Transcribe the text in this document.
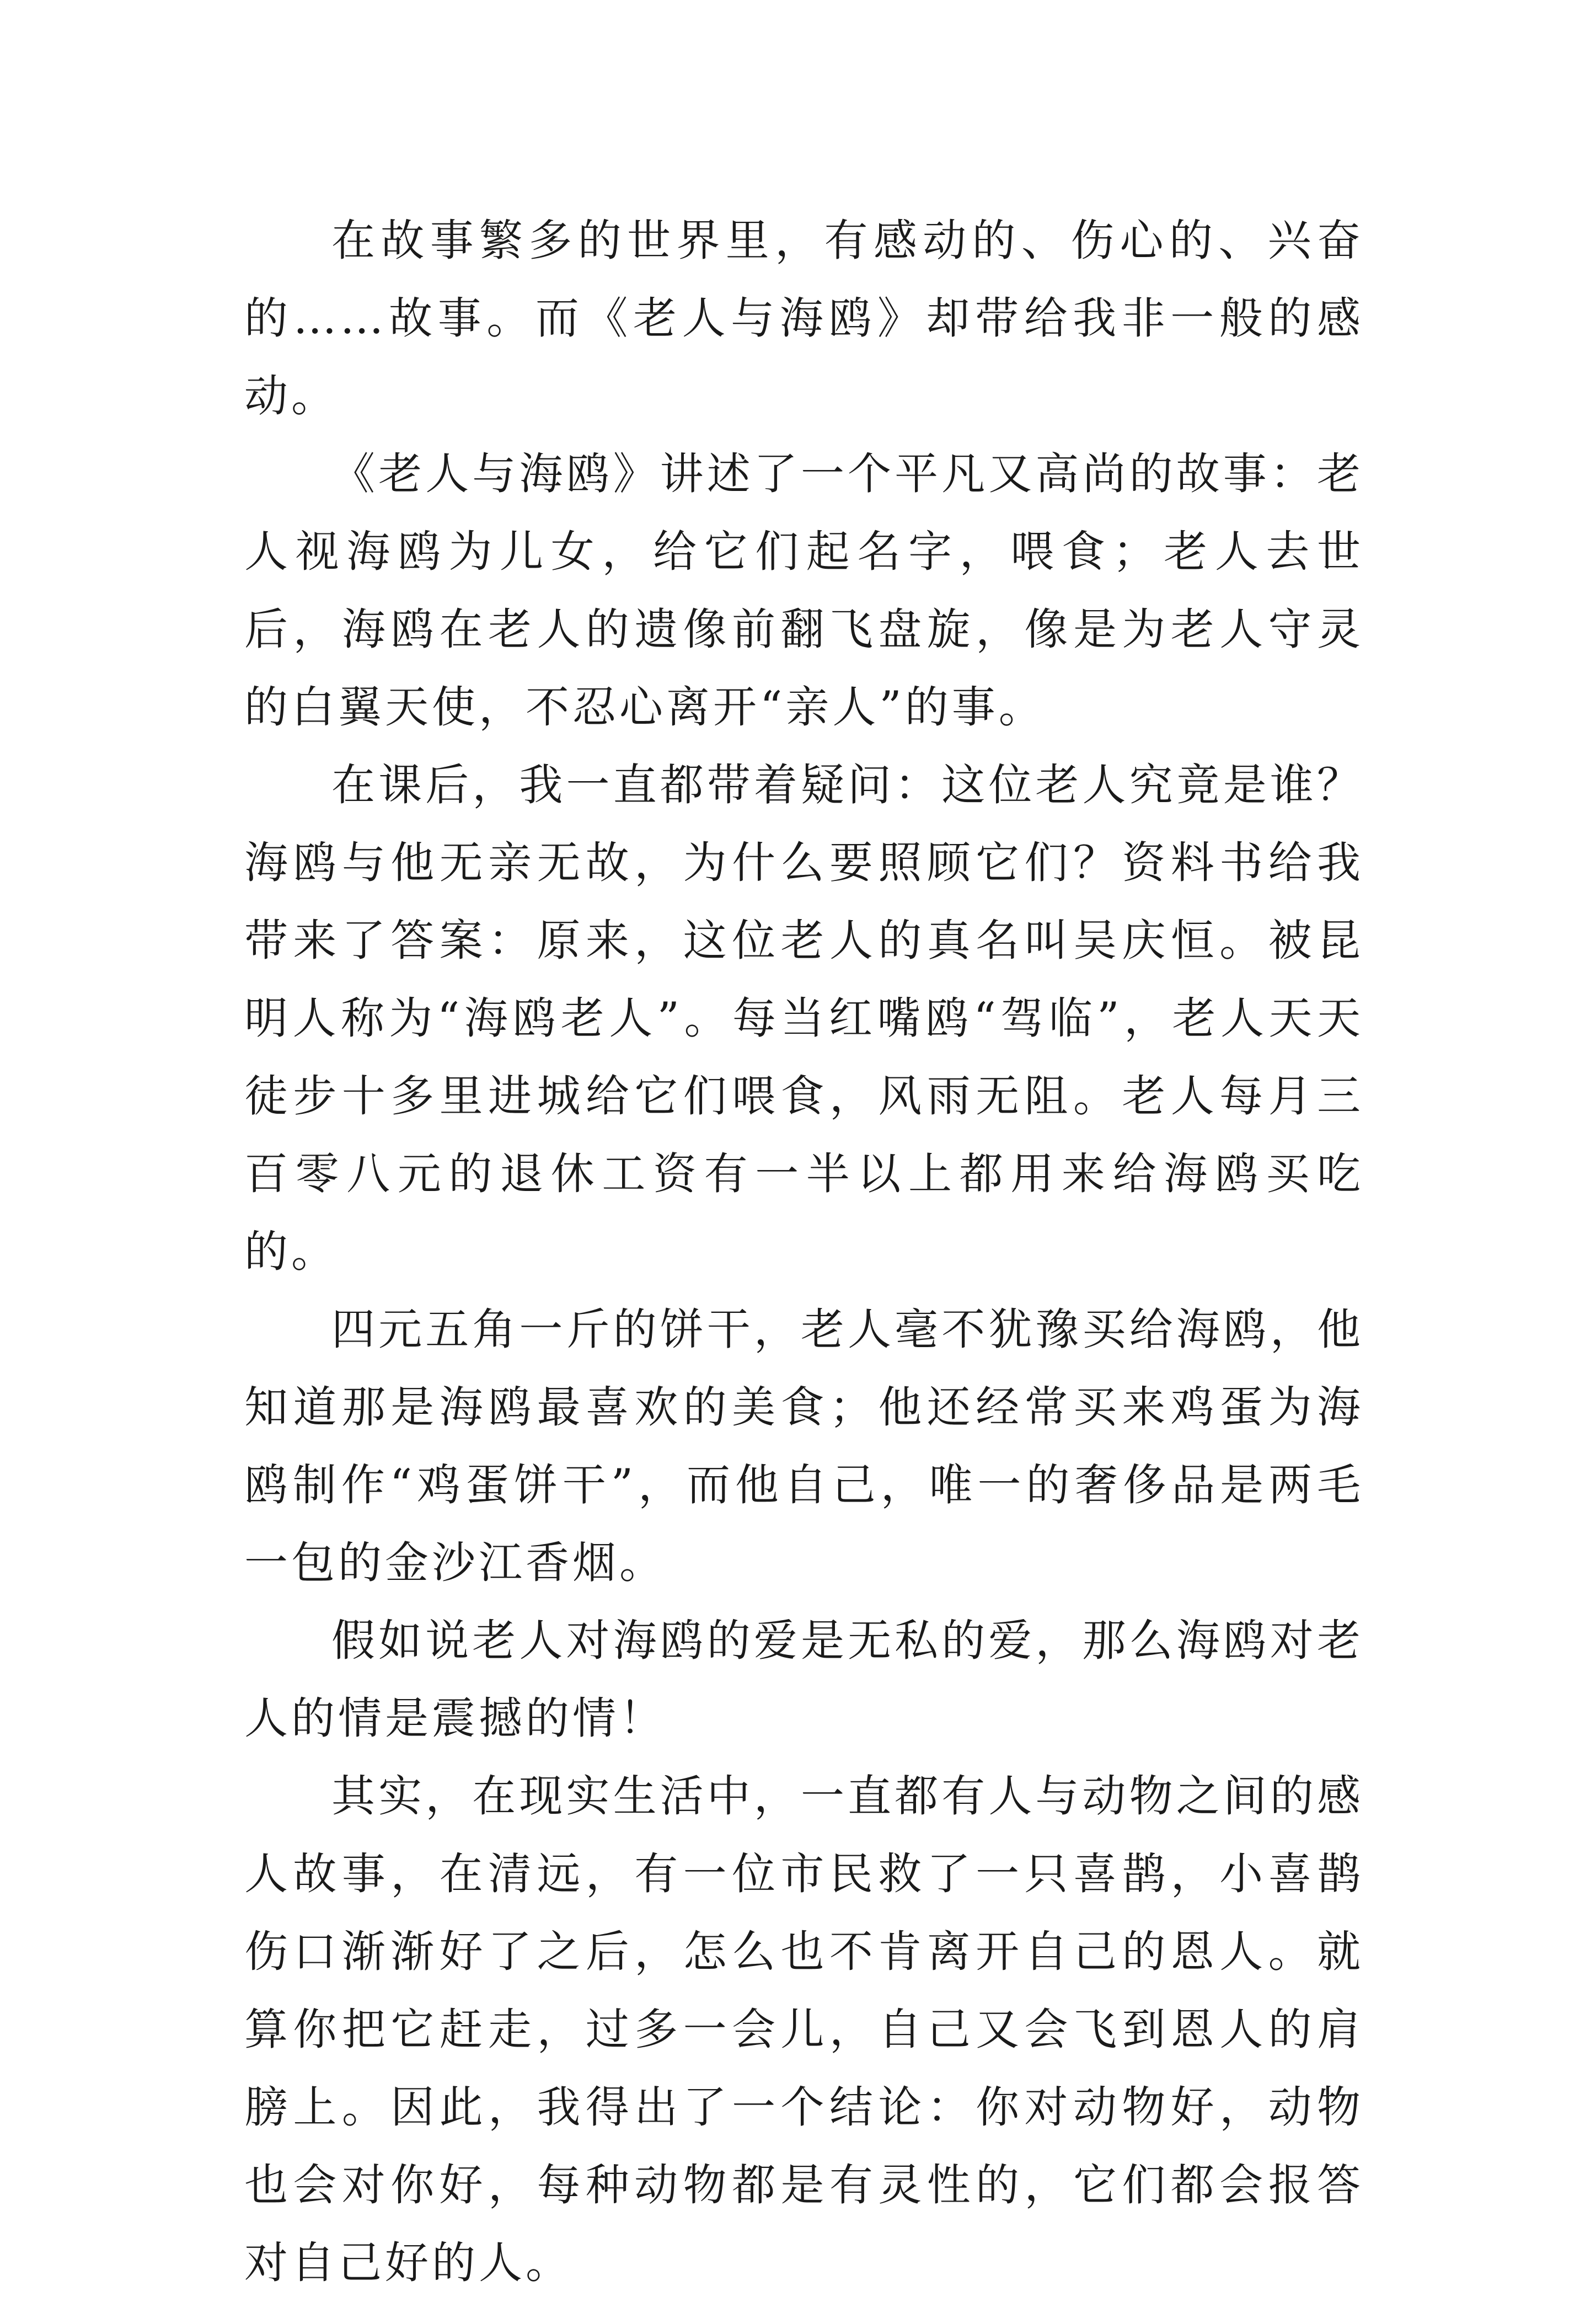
在故事繁多的世界里，有感动的、伤心的、兴奋的……故事。而《老人与海鸥》却带给我非一般的感动。

《老人与海鸥》讲述了一个平凡又高尚的故事：老人视海鸥为儿女，给它们起名字，喂食；老人去世后，海鸥在老人的遗像前翻飞盘旋，像是为老人守灵的白翼天使，不忍心离开“亲人”的事。

在课后，我一直都带着疑问：这位老人究竟是谁？海鸥与他无亲无故，为什么要照顾它们？资料书给我带来了答案：原来，这位老人的真名叫吴庆恒。被昆明人称为“海鸥老人”。每当红嘴鸥“驾临”，老人天天徒步十多里进城给它们喂食，风雨无阻。老人每月三百零八元的退休工资有一半以上都用来给海鸥买吃的。

四元五角一斤的饼干，老人毫不犹豫买给海鸥，他知道那是海鸥最喜欢的美食；他还经常买来鸡蛋为海鸥制作“鸡蛋饼干”，而他自己，唯一的奢侈品是两毛一包的金沙江香烟。

假如说老人对海鸥的爱是无私的爱，那么海鸥对老人的情是震撼的情！

其实，在现实生活中，一直都有人与动物之间的感人故事，在清远，有一位市民救了一只喜鹊，小喜鹊伤口渐渐好了之后，怎么也不肯离开自己的恩人。就算你把它赶走，过多一会儿，自己又会飞到恩人的肩膀上。因此，我得出了一个结论：你对动物好，动物也会对你好，每种动物都是有灵性的，它们都会报答对自己好的人。
